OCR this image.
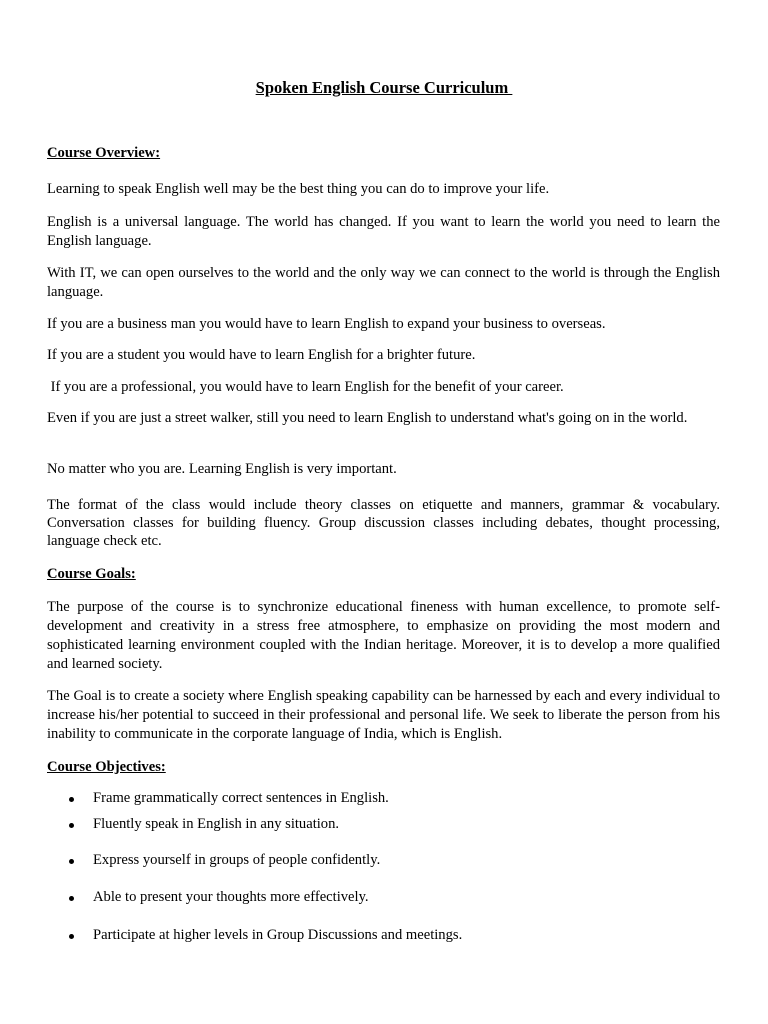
Spoken English Course Curriculum

Course Overview:

Learning to speak English well may be the best thing you can do to improve your life.

English is a universal language. The world has changed. If you want to learn the world you need to learn the English language.

With IT, we can open ourselves to the world and the only way we can connect to the world is through the English language.

If you are a business man you would have to learn English to expand your business to overseas.

If you are a student you would have to learn English for a brighter future.

If you are a professional, you would have to learn English for the benefit of your career.

Even if you are just a street walker, still you need to learn English to understand what's going on in the world.

No matter who you are. Learning English is very important.

The format of the class would include theory classes on etiquette and manners, grammar & vocabulary. Conversation classes for building fluency. Group discussion classes including debates, thought processing, language check etc.

Course Goals:

The purpose of the course is to synchronize educational fineness with human excellence, to promote self-development and creativity in a stress free atmosphere, to emphasize on providing the most modern and sophisticated learning environment coupled with the Indian heritage. Moreover, it is to develop a more qualified and learned society.

The Goal is to create a society where English speaking capability can be harnessed by each and every individual to increase his/her potential to succeed in their professional and personal life. We seek to liberate the person from his inability to communicate in the corporate language of India, which is English.

Course Objectives:

Frame grammatically correct sentences in English.
Fluently speak in English in any situation.
Express yourself in groups of people confidently.
Able to present your thoughts more effectively.
Participate at higher levels in Group Discussions and meetings.
